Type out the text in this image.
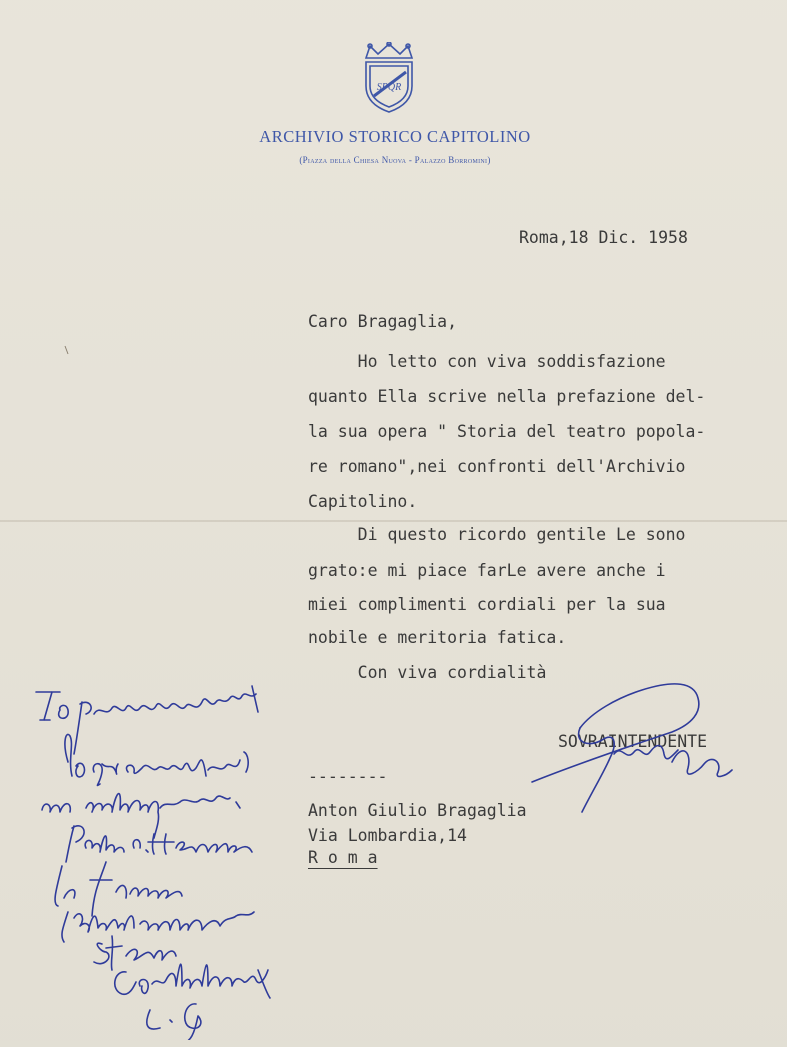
SPQR
ARCHIVIO STORICO CAPITOLINO
(Piazza della Chiesa Nuova - Palazzo Borromini)
Roma,18 Dic. 1958
Caro Bragaglia,
Ho letto con viva soddisfazione
quanto Ella scrive nella prefazione del-
la sua opera " Storia del teatro popola-
re romano",nei confronti dell'Archivio
Capitolino.
Di questo ricordo gentile Le sono
grato:e mi piace farLe avere anche i
miei complimenti cordiali per la sua
nobile e meritoria fatica.
Con viva cordialità
SOVRAINTENDENTE
--------
Anton Giulio Bragaglia
Via Lombardia,14
R o m a
